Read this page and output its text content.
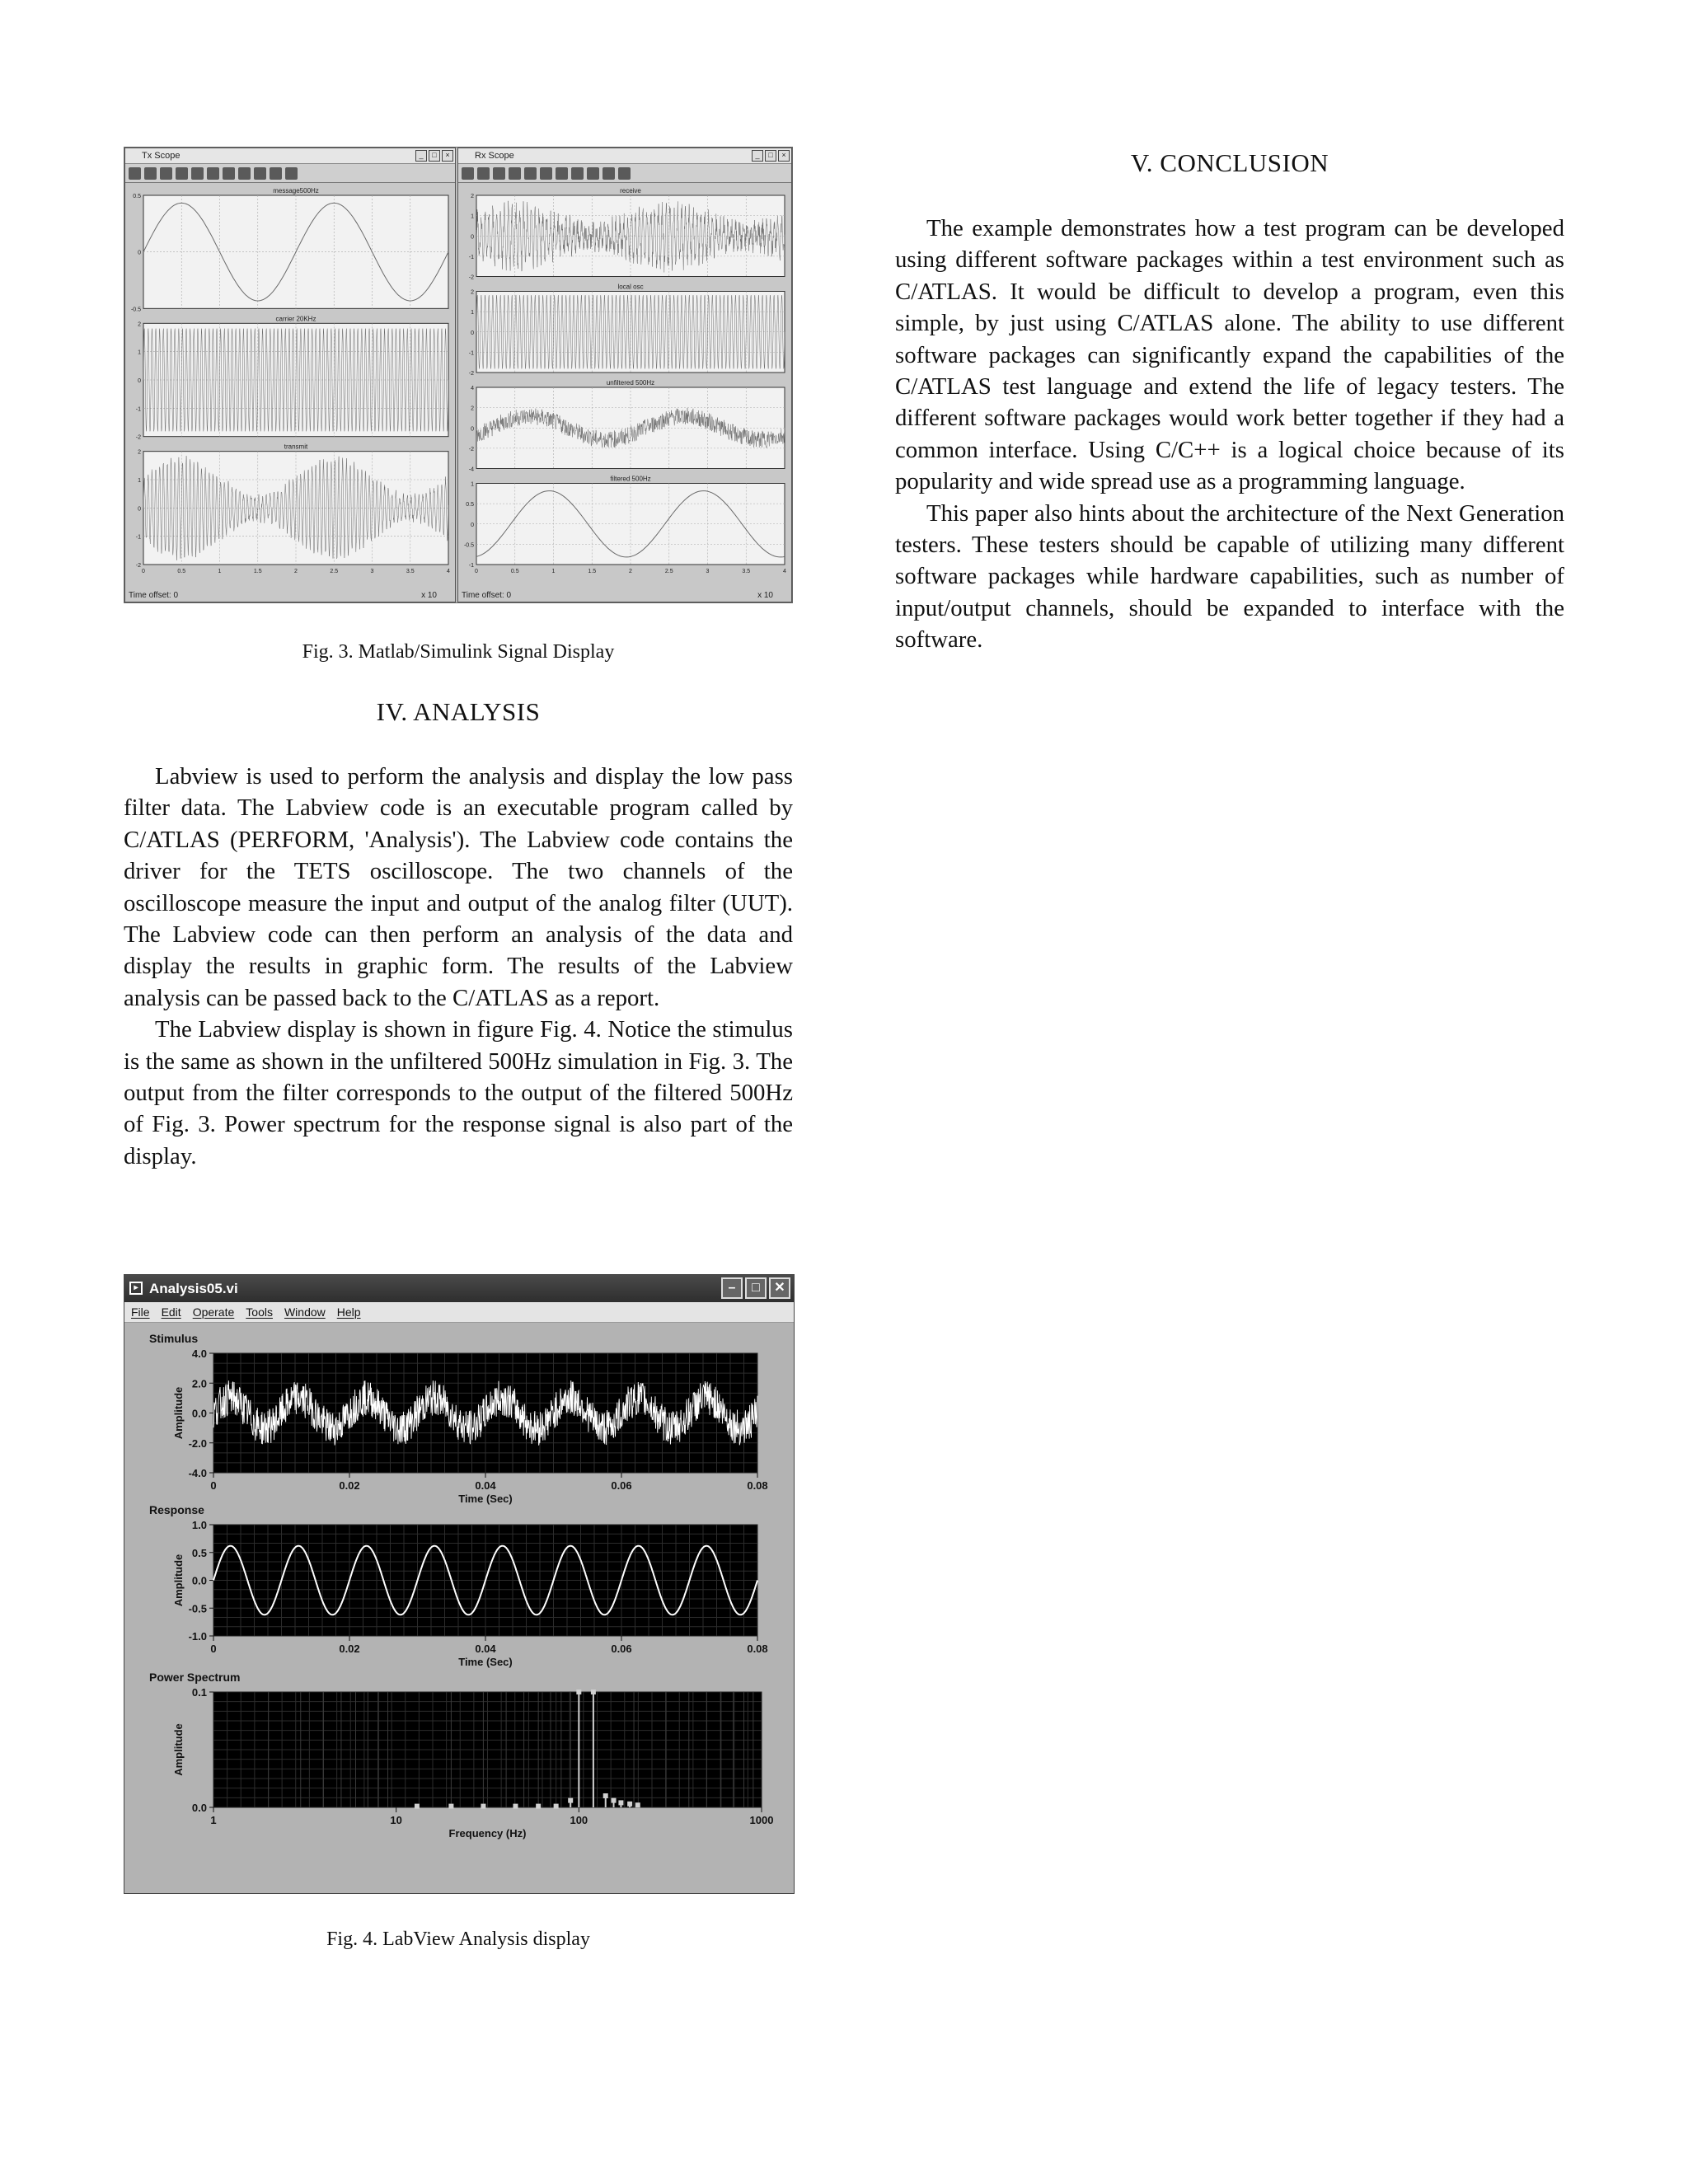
Tx Scope	_	□	×
message500Hz
0.5
0
-0.5
carrier 20KHz
2
1
0
-1
-2
transmit
2
1
0
-1
-2
0	0.5	1	1.5	2	2.5	3	3.5	4
Time offset: 0	x 10
Rx Scope	_	□	×
receive
2
1
0
-1
-2
local osc
2
1
0
-1
-2
unfiltered 500Hz
4
2
0
-2
-4
filtered 500Hz
1
0.5
0
-0.5
-1
0	0.5	1	1.5	2	2.5	3	3.5	4
Time offset: 0	x 10
Fig. 3. Matlab/Simulink Signal Display
IV. ANALYSIS

Labview is used to perform the analysis and display the low pass filter data. The Labview code is an executable program called by C/ATLAS (PERFORM, 'Analysis'). The Labview code contains the driver for the TETS oscilloscope. The two channels of the oscilloscope measure the input and output of the analog filter (UUT). The Labview code can then perform an analysis of the data and display the results in graphic form. The results of the Labview analysis can be passed back to the C/ATLAS as a report.

The Labview display is shown in figure Fig. 4. Notice the stimulus is the same as shown in the unfiltered 500Hz simulation in Fig. 3. The output from the filter corresponds to the output of the filtered 500Hz of Fig. 3. Power spectrum for the response signal is also part of the display.

▸ Analysis05.vi	–	□	✕
File Edit Operate Tools Window Help
Stimulus
4.0
2.0
0.0
-2.0
-4.0
Amplitude
0	0.02	0.04	0.06	0.08
Time (Sec)
Response
1.0
0.5
0.0
-0.5
-1.0
Amplitude
0	0.02	0.04	0.06	0.08
Time (Sec)
Power Spectrum
0.1
0.0
Amplitude
1	10	100	1000
Frequency (Hz)
Fig. 4. LabView Analysis display
V. CONCLUSION

The example demonstrates how a test program can be developed using different software packages within a test environment such as C/ATLAS. It would be difficult to develop a program, even this simple, by just using C/ATLAS alone. The ability to use different software packages can significantly expand the capabilities of the C/ATLAS test language and extend the life of legacy testers. The different software packages would work better together if they had a common interface. Using C/C++ is a logical choice because of its popularity and wide spread use as a programming language.

This paper also hints about the architecture of the Next Generation testers. These testers should be capable of utilizing many different software packages while hardware capabilities, such as number of input/output channels, should be expanded to interface with the software.
